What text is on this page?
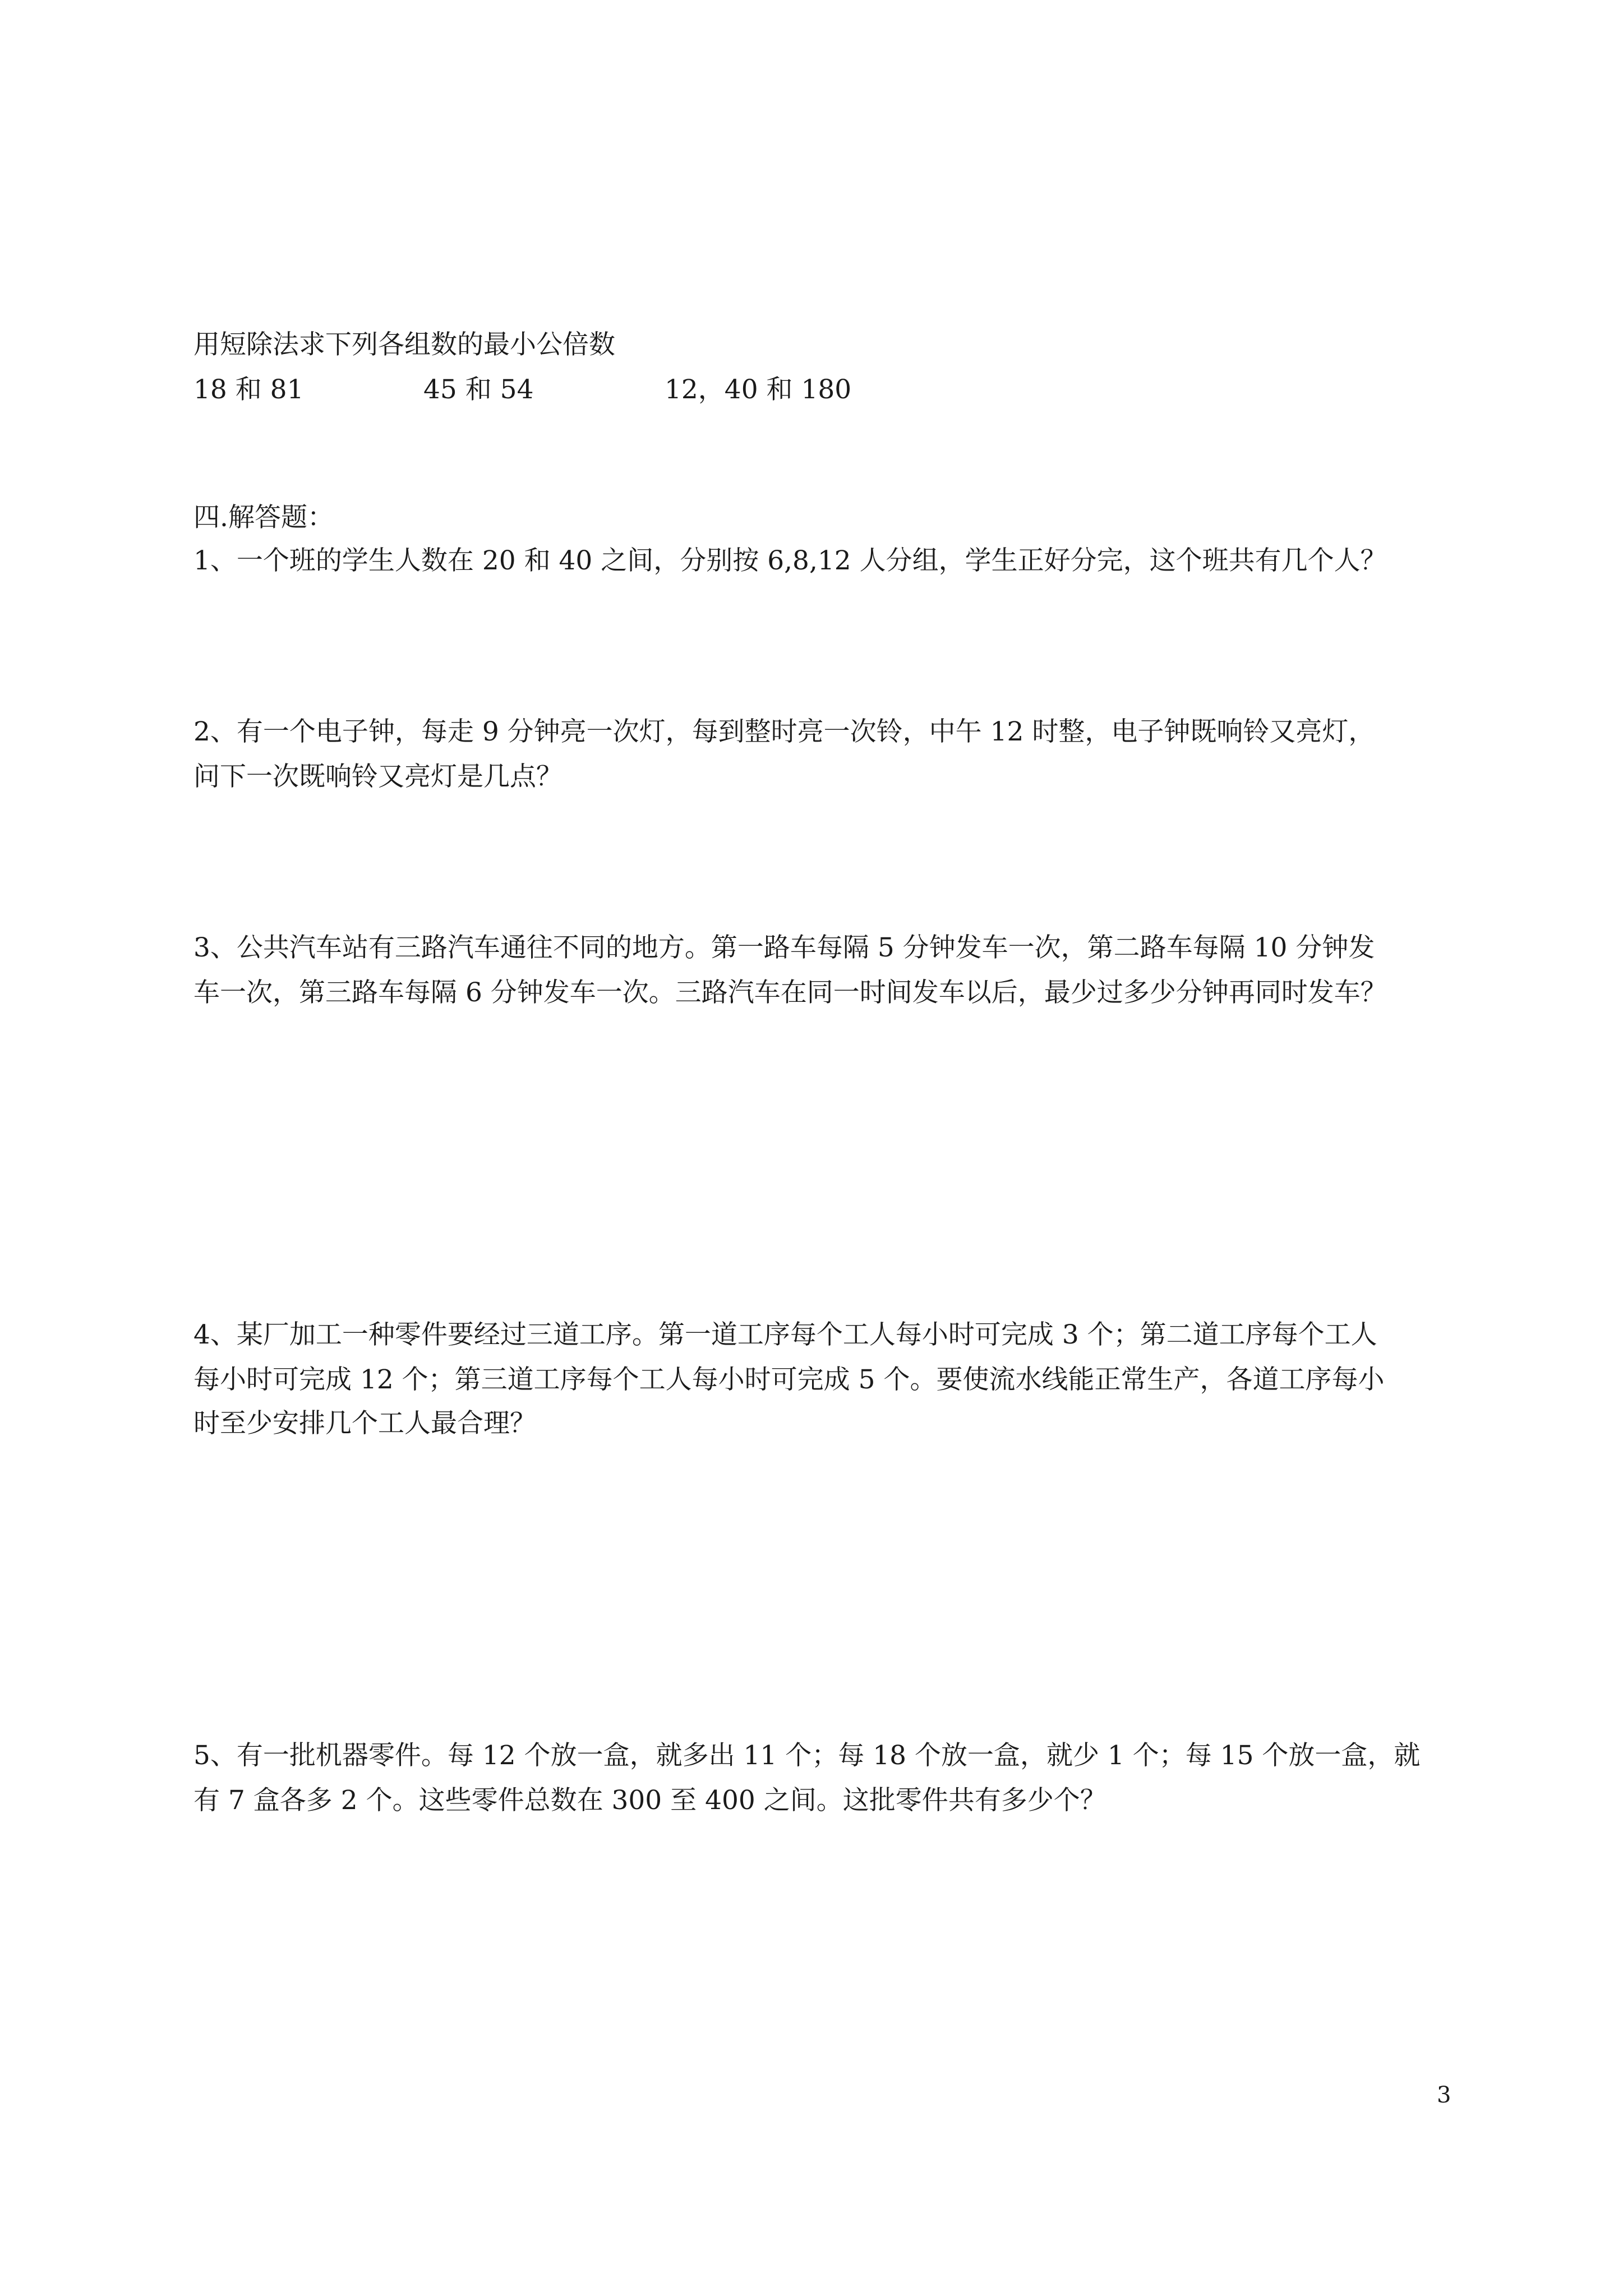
用短除法求下列各组数的最小公倍数

18 和 81	45 和 54	12，40 和 180

四.解答题：

1、一个班的学生人数在 20 和 40 之间，分别按 6,8,12 人分组，学生正好分完，这个班共有几个人？

2、有一个电子钟，每走 9 分钟亮一次灯，每到整时亮一次铃，中午 12 时整，电子钟既响铃又亮灯，

问下一次既响铃又亮灯是几点？

3、公共汽车站有三路汽车通往不同的地方。第一路车每隔 5 分钟发车一次，第二路车每隔 10 分钟发

车一次，第三路车每隔 6 分钟发车一次。三路汽车在同一时间发车以后，最少过多少分钟再同时发车？

4、某厂加工一种零件要经过三道工序。第一道工序每个工人每小时可完成 3 个；第二道工序每个工人

每小时可完成 12 个；第三道工序每个工人每小时可完成 5 个。要使流水线能正常生产，各道工序每小

时至少安排几个工人最合理？

5、有一批机器零件。每 12 个放一盒，就多出 11 个；每 18 个放一盒，就少 1 个；每 15 个放一盒，就

有 7 盒各多 2 个。这些零件总数在 300 至 400 之间。这批零件共有多少个？

3
